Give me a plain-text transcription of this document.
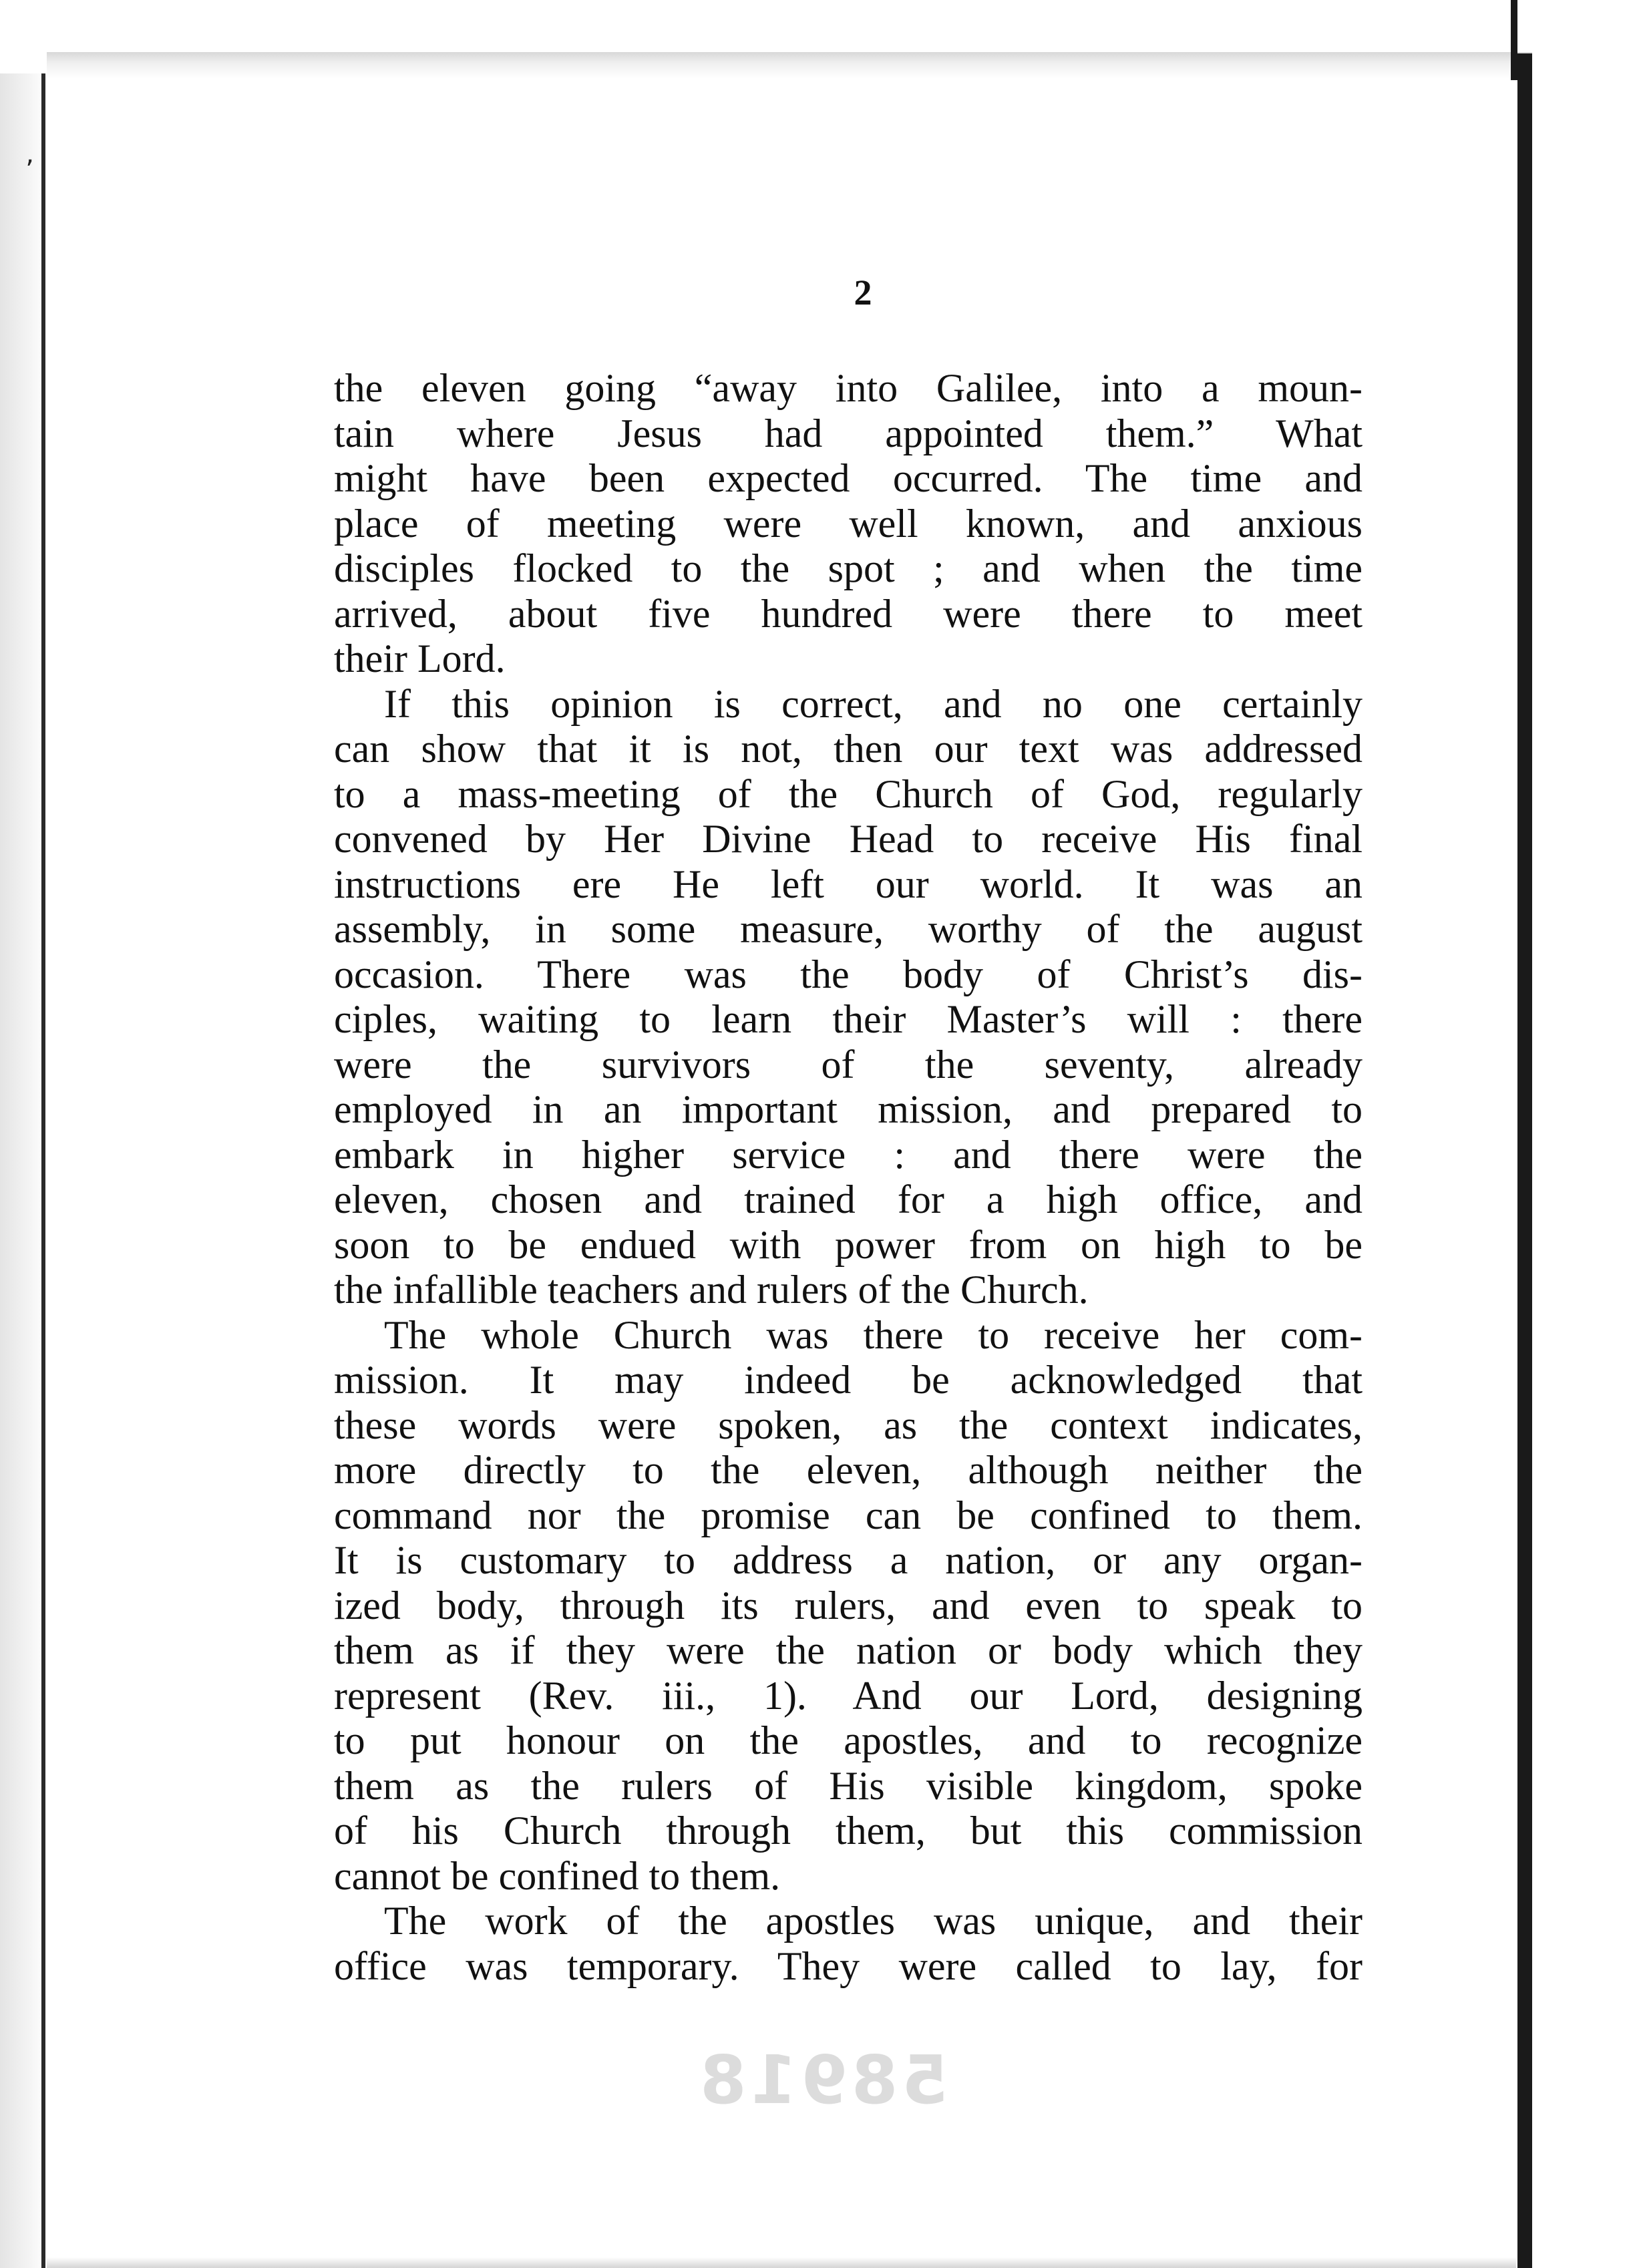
ʼ
2
the eleven going “away into Galilee, into a moun-
tain where Jesus had appointed them.” What
might have been expected occurred. The time and
place of meeting were well known, and anxious
disciples flocked to the spot ; and when the time
arrived, about five hundred were there to meet
their Lord.
If this opinion is correct, and no one certainly
can show that it is not, then our text was addressed
to a mass-meeting of the Church of God, regularly
convened by Her Divine Head to receive His final
instructions ere He left our world. It was an
assembly, in some measure, worthy of the august
occasion. There was the body of Christ’s dis-
ciples, waiting to learn their Master’s will : there
were the survivors of the seventy, already
employed in an important mission, and prepared to
embark in higher service : and there were the
eleven, chosen and trained for a high office, and
soon to be endued with power from on high to be
the infallible teachers and rulers of the Church.
The whole Church was there to receive her com-
mission. It may indeed be acknowledged that
these words were spoken, as the context indicates,
more directly to the eleven, although neither the
command nor the promise can be confined to them.
It is customary to address a nation, or any organ-
ized body, through its rulers, and even to speak to
them as if they were the nation or body which they
represent (Rev. iii., 1). And our Lord, designing
to put honour on the apostles, and to recognize
them as the rulers of His visible kingdom, spoke
of his Church through them, but this commission
cannot be confined to them.
The work of the apostles was unique, and their
office was temporary. They were called to lay, for
58918
